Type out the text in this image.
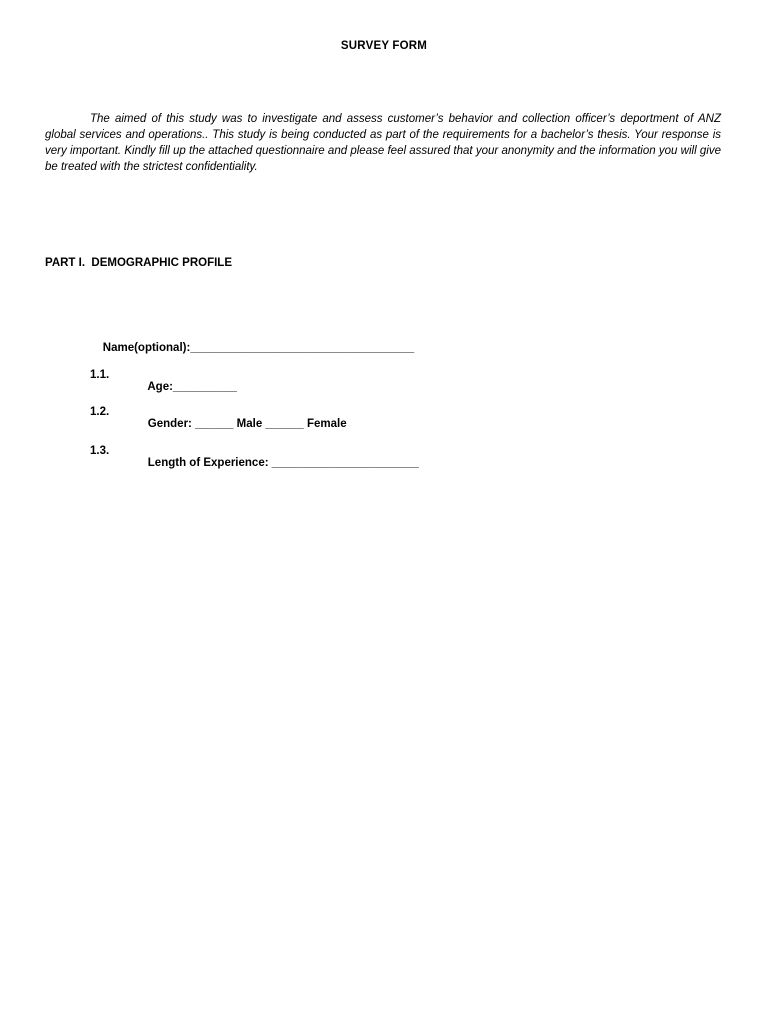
SURVEY FORM

The aimed of this study was to investigate and assess customer’s behavior and collection officer’s deportment of ANZ global services and operations.. This study is being conducted as part of the requirements for a bachelor’s thesis. Your response is very important. Kindly fill up the attached questionnaire and please feel assured that your anonymity and the information you will give be treated with the strictest confidentiality.

PART I.  DEMOGRAPHIC PROFILE

Name(optional):___________________________________

1.1.

Age:__________

1.2.

Gender: ______ Male ______ Female

1.3.

Length of Experience: _______________________
